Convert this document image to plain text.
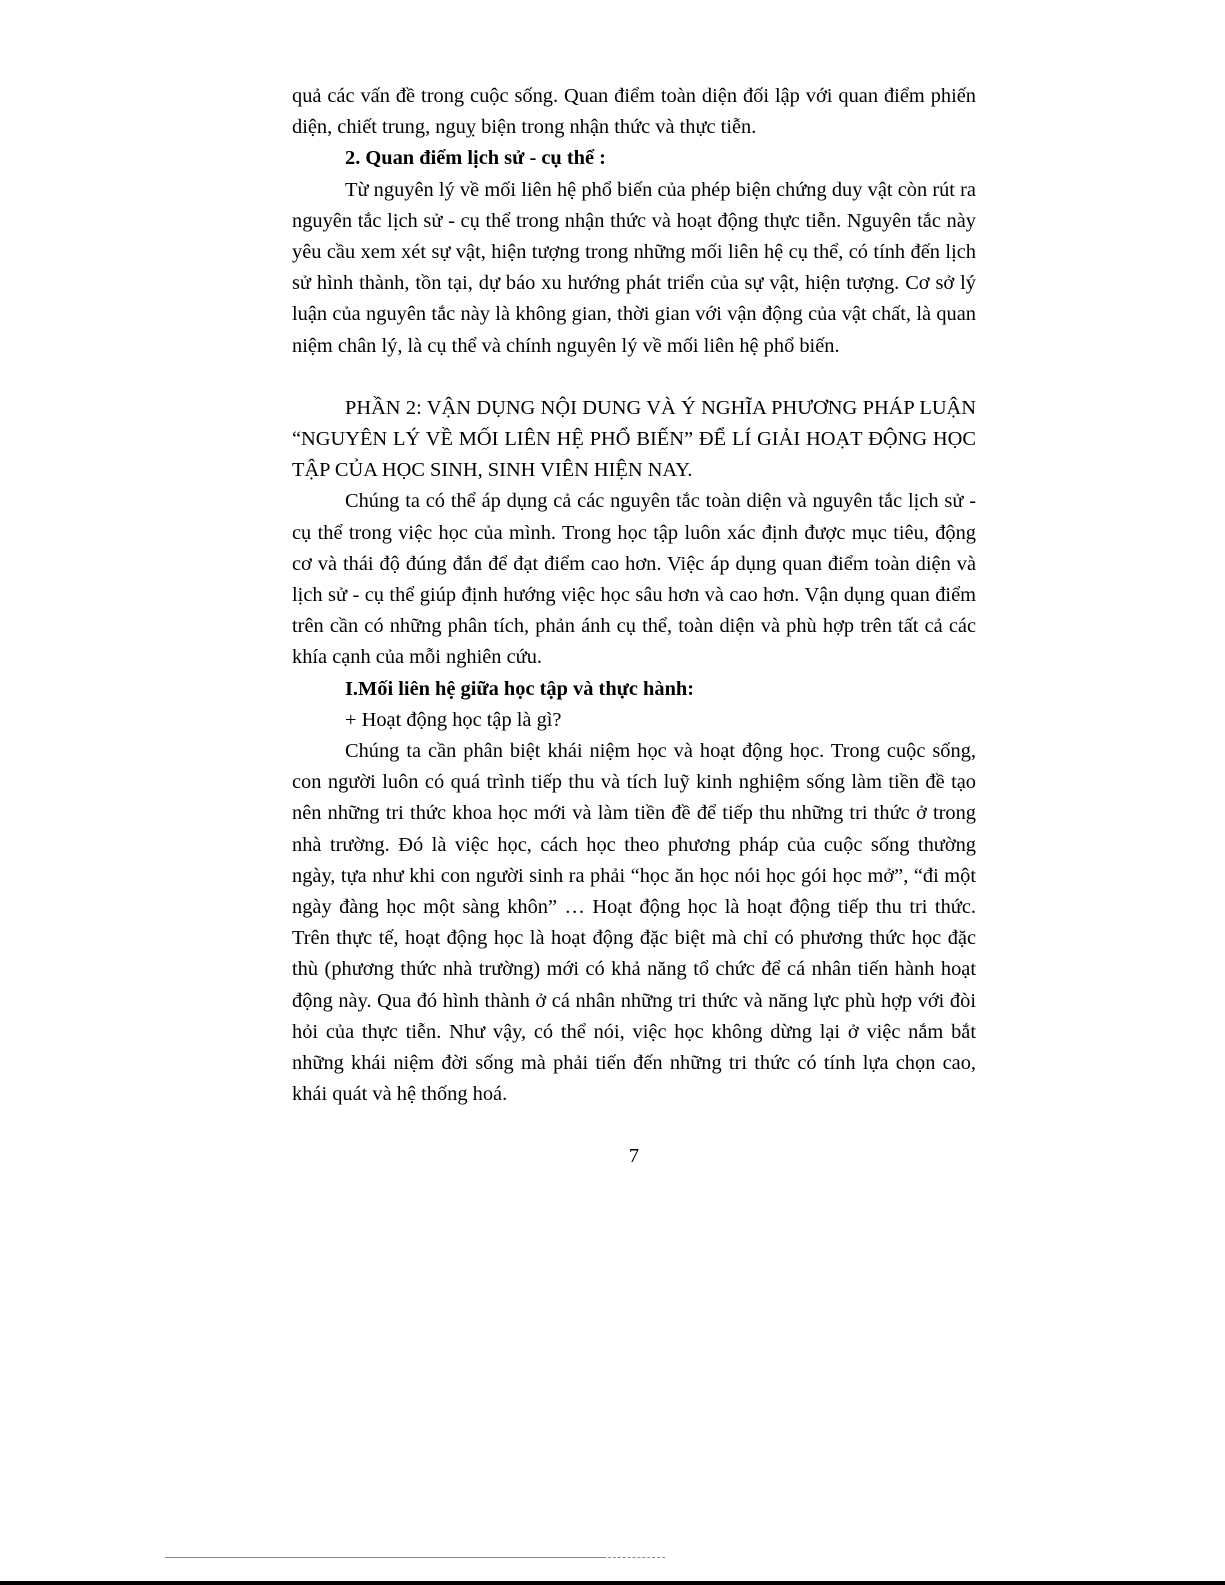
quả các vấn đề trong cuộc sống. Quan điểm toàn diện đối lập với quan điểm phiến diện, chiết trung, nguỵ biện trong nhận thức và thực tiễn.

2. Quan điểm lịch sử - cụ thể :

Từ nguyên lý về mối liên hệ phổ biến của phép biện chứng duy vật còn rút ra nguyên tắc lịch sử - cụ thể trong nhận thức và hoạt động thực tiễn. Nguyên tắc này yêu cầu xem xét sự vật, hiện tượng trong những mối liên hệ cụ thể, có tính đến lịch sử hình thành, tồn tại, dự báo xu hướng phát triển của sự vật, hiện tượng. Cơ sở lý luận của nguyên tắc này là không gian, thời gian với vận động của vật chất, là quan niệm chân lý, là cụ thể và chính nguyên lý về mối liên hệ phổ biến.

PHẦN 2: VẬN DỤNG NỘI DUNG VÀ Ý NGHĨA PHƯƠNG PHÁP LUẬN “NGUYÊN LÝ VỀ MỐI LIÊN HỆ PHỔ BIẾN” ĐỂ LÍ GIẢI HOẠT ĐỘNG HỌC TẬP CỦA HỌC SINH, SINH VIÊN HIỆN NAY.

Chúng ta có thể áp dụng cả các nguyên tắc toàn diện và nguyên tắc lịch sử - cụ thể trong việc học của mình. Trong học tập luôn xác định được mục tiêu, động cơ và thái độ đúng đắn để đạt điểm cao hơn. Việc áp dụng quan điểm toàn diện và lịch sử - cụ thể giúp định hướng việc học sâu hơn và cao hơn. Vận dụng quan điểm trên cần có những phân tích, phản ánh cụ thể, toàn diện và phù hợp trên tất cả các khía cạnh của mỗi nghiên cứu.

I.Mối liên hệ giữa học tập và thực hành:

+ Hoạt động học tập là gì?

Chúng ta cần phân biệt khái niệm học và hoạt động học. Trong cuộc sống, con người luôn có quá trình tiếp thu và tích luỹ kinh nghiệm sống làm tiền đề tạo nên những tri thức khoa học mới và làm tiền đề để tiếp thu những tri thức ở trong nhà trường. Đó là việc học, cách học theo phương pháp của cuộc sống thường ngày, tựa như khi con người sinh ra phải “học ăn học nói học gói học mở”, “đi một ngày đàng học một sàng khôn” … Hoạt động học là hoạt động tiếp thu tri thức. Trên thực tế, hoạt động học là hoạt động đặc biệt mà chỉ có phương thức học đặc thù (phương thức nhà trường) mới có khả năng tổ chức để cá nhân tiến hành hoạt động này. Qua đó hình thành ở cá nhân những tri thức và năng lực phù hợp với đòi hỏi của thực tiễn. Như vậy, có thể nói, việc học không dừng lại ở việc nắm bắt những khái niệm đời sống mà phải tiến đến những tri thức có tính lựa chọn cao, khái quát và hệ thống hoá.

7
